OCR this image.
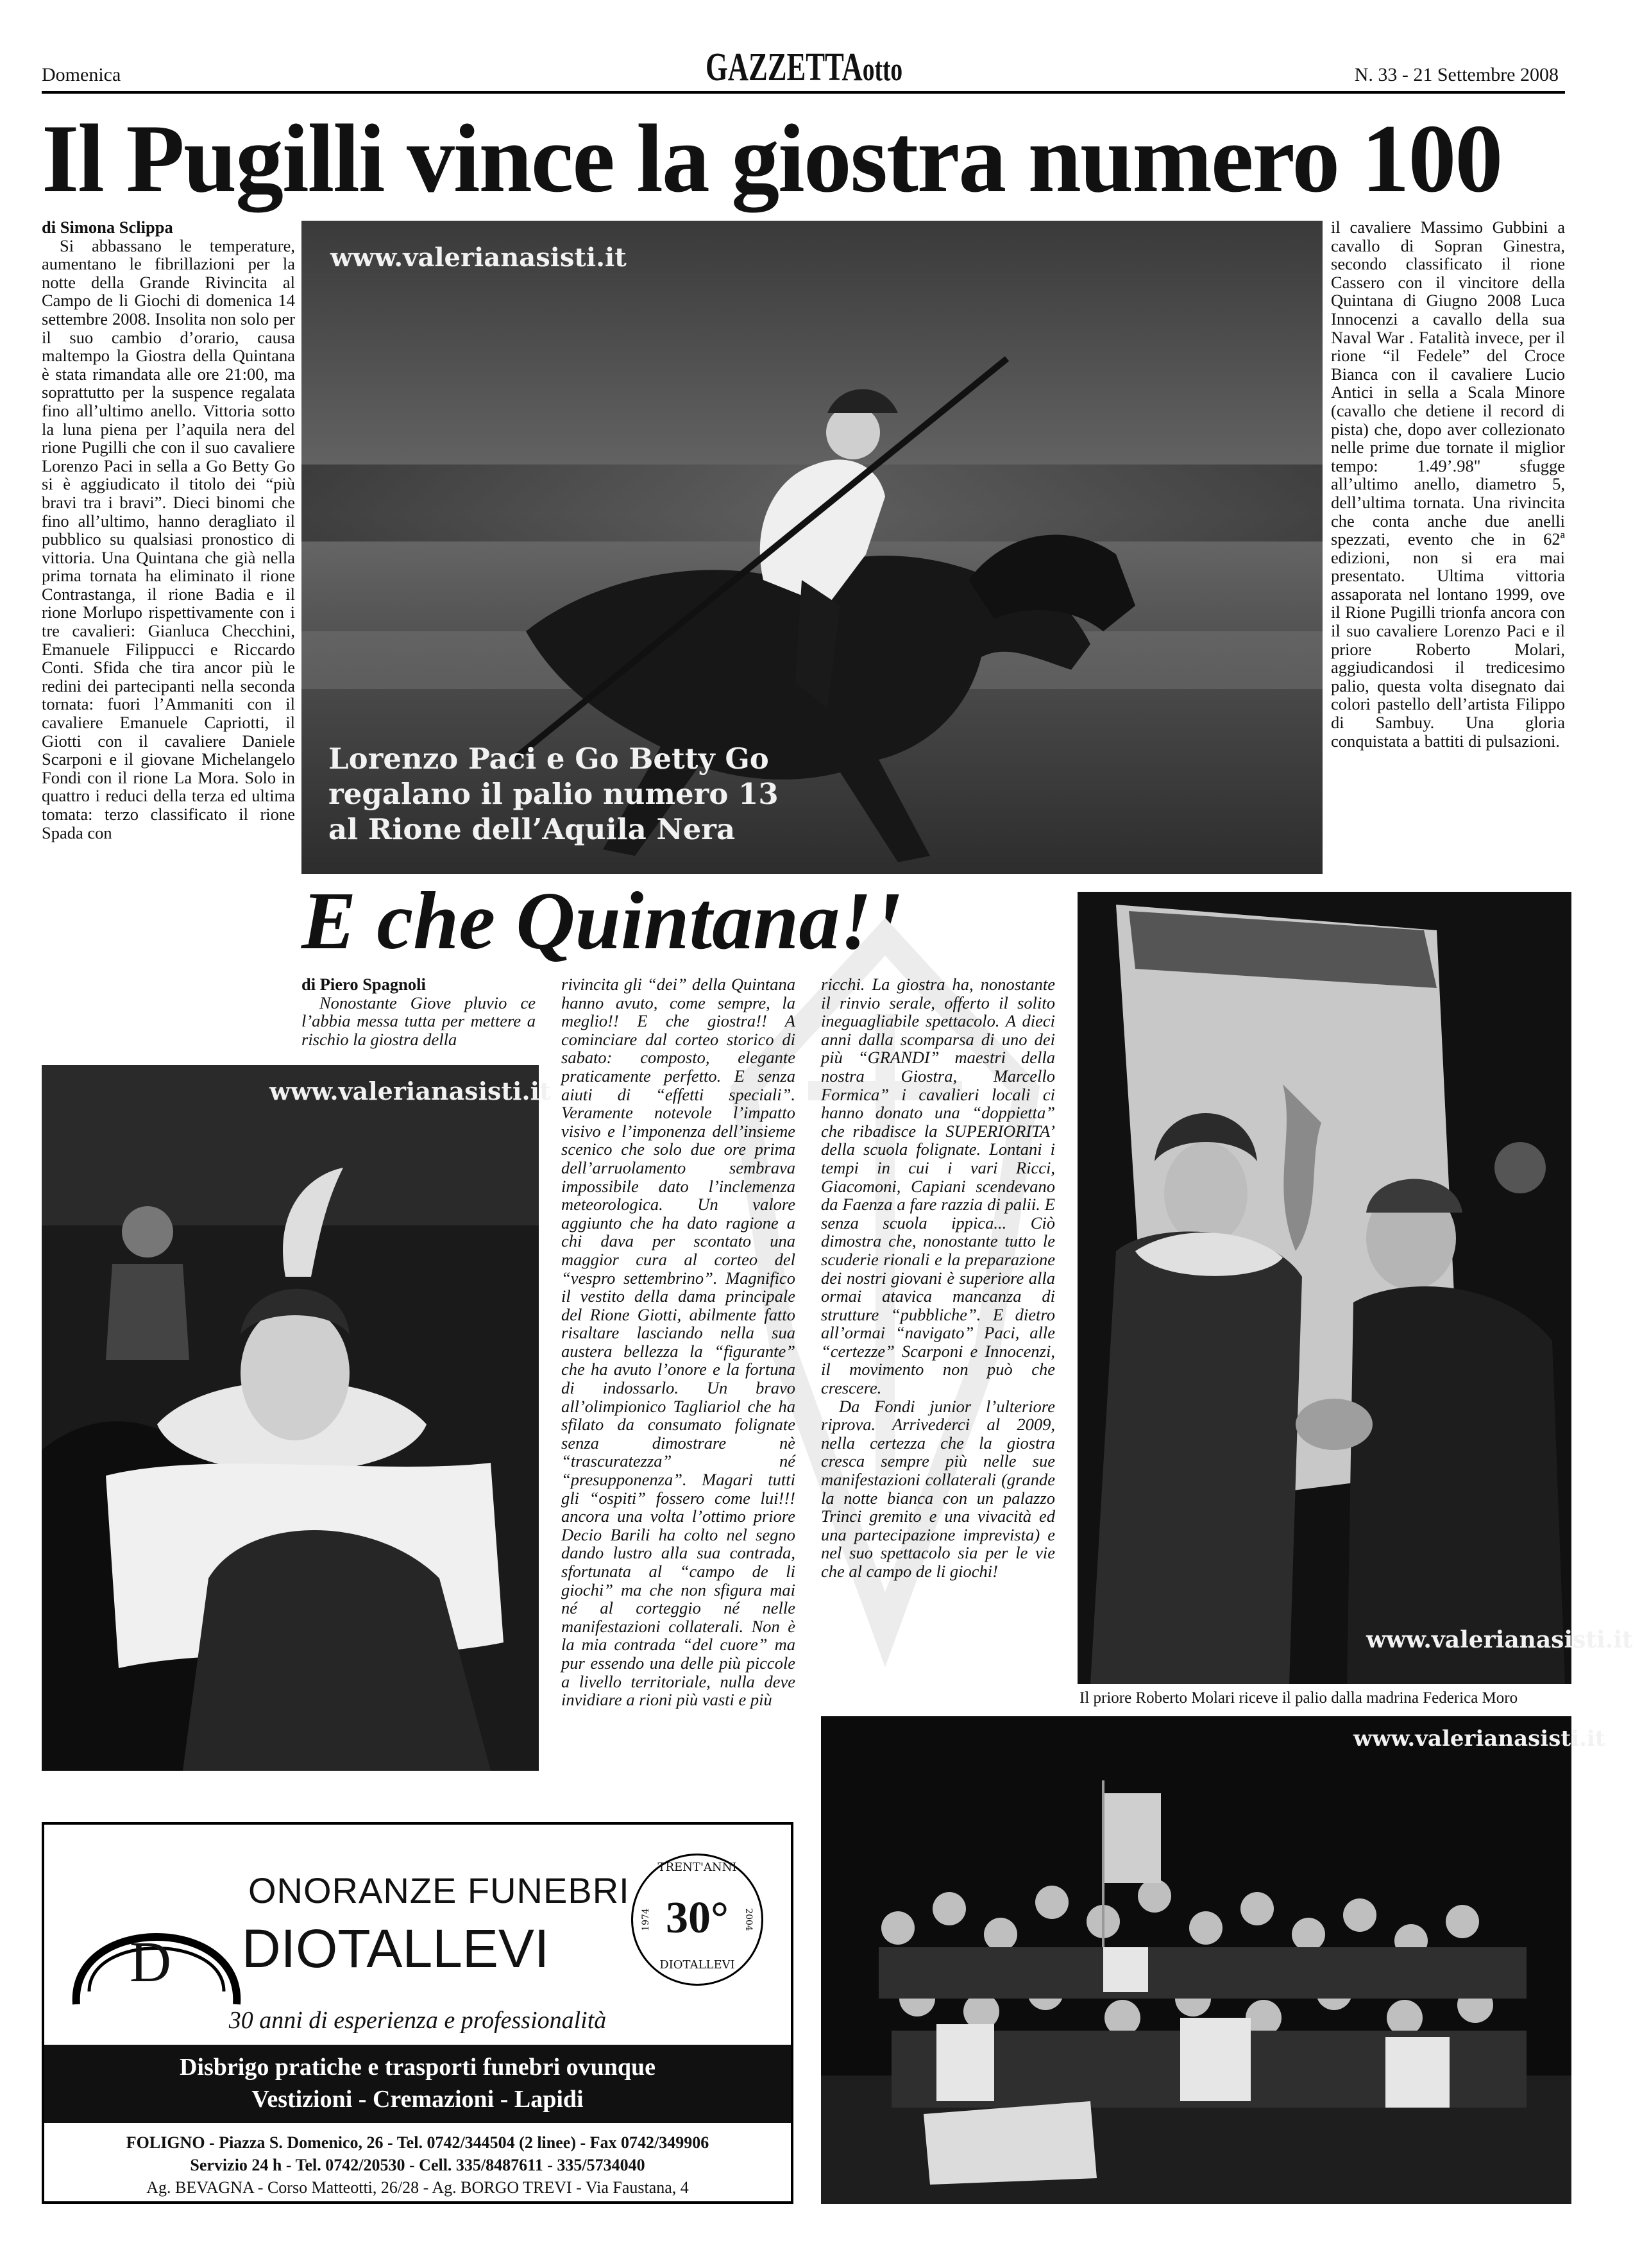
Domenica	GAZZETTAotto	N. 33 - 21 Settembre 2008
Il Pugilli vince la giostra numero 100
di Simona Sclippa

Si abbassano le temperature, aumentano le fibrillazioni per la notte della Grande Rivincita al Campo de li Giochi di domenica 14 settembre 2008. Insolita non solo per il suo cambio d’orario, causa maltempo la Giostra della Quintana è stata rimandata alle ore 21:00, ma soprattutto per la suspence regalata fino all’ultimo anello. Vittoria sotto la luna piena per l’aquila nera del rione Pugilli che con il suo cavaliere Lorenzo Paci in sella a Go Betty Go si è aggiudicato il titolo dei “più bravi tra i bravi”. Dieci binomi che fino all’ultimo, hanno deragliato il pubblico su qualsiasi pronostico di vittoria. Una Quintana che già nella prima tornata ha eliminato il rione Contrastanga, il rione Badia e il rione Morlupo rispettivamente con i tre cavalieri: Gianluca Checchini, Emanuele Filippucci e Riccardo Conti. Sfida che tira ancor più le redini dei partecipanti nella seconda tornata: fuori l’Ammaniti con il cavaliere Emanuele Capriotti, il Giotti con il cavaliere Daniele Scarponi e il giovane Michelangelo Fondi con il rione La Mora. Solo in quattro i reduci della terza ed ultima tomata: terzo classificato il rione Spada con

www.valerianasisti.it
Lorenzo Paci e Go Betty Go
regalano il palio numero 13
al Rione dell’Aquila Nera

il cavaliere Massimo Gubbini a cavallo di Sopran Ginestra, secondo classificato il rione Cassero con il vincitore della Quintana di Giugno 2008 Luca Innocenzi a cavallo della sua Naval War . Fatalità invece, per il rione “il Fedele” del Croce Bianca con il cavaliere Lucio Antici in sella a Scala Minore (cavallo che detiene il record di pista) che, dopo aver collezionato nelle prime due tornate il miglior tempo: 1.49’.98" sfugge all’ultimo anello, diametro 5, dell’ultima tornata. Una rivincita che conta anche due anelli spezzati, evento che in 62ª edizioni, non si era mai presentato. Ultima vittoria assaporata nel lontano 1999, ove il Rione Pugilli trionfa ancora con il suo cavaliere Lorenzo Paci e il priore Roberto Molari, aggiudicandosi il tredicesimo palio, questa volta disegnato dai colori pastello dell’artista Filippo di Sambuy. Una gloria conquistata a battiti di pulsazioni.

E che Quintana!!
di Piero Spagnoli

Nonostante Giove pluvio ce l’abbia messa tutta per mettere a rischio la giostra della

rivincita gli “dei” della Quintana hanno avuto, come sempre, la meglio!! E che giostra!! A cominciare dal corteo storico di sabato: composto, elegante praticamente perfetto. E senza aiuti di “effetti speciali”. Veramente notevole l’impatto visivo e l’imponenza dell’insieme scenico che solo due ore prima dell’arruolamento sembrava impossibile dato l’inclemenza meteorologica. Un valore aggiunto che ha dato ragione a chi dava per scontato una maggior cura al corteo del “vespro settembrino”. Magnifico il vestito della dama principale del Rione Giotti, abilmente fatto risaltare lasciando nella sua austera bellezza la “figurante” che ha avuto l’onore e la fortuna di indossarlo. Un bravo all’olimpionico Tagliariol che ha sfilato da consumato folignate senza dimostrare nè “trascuratezza” né “presupponenza”. Magari tutti gli “ospiti” fossero come lui!!! ancora una volta l’ottimo priore Decio Barili ha colto nel segno dando lustro alla sua contrada, sfortunata al “campo de li giochi” ma che non sfigura mai né al corteggio né nelle manifestazioni collaterali. Non è la mia contrada “del cuore” ma pur essendo una delle più piccole a livello territoriale, nulla deve invidiare a rioni più vasti e più

ricchi. La giostra ha, nonostante il rinvio serale, offerto il solito ineguagliabile spettacolo. A dieci anni dalla scomparsa di uno dei più “GRANDI” maestri della nostra Giostra, Marcello Formica” i cavalieri locali ci hanno donato una “doppietta” che ribadisce la SUPERIORITA’ della scuola folignate. Lontani i tempi in cui i vari Ricci, Giacomoni, Capiani scendevano da Faenza a fare razzia di palii. E senza scuola ippica... Ciò dimostra che, nonostante tutto le scuderie rionali e la preparazione dei nostri giovani è superiore alla ormai atavica mancanza di strutture “pubbliche”. E dietro all’ormai “navigato” Paci, alle “certezze” Scarponi e Innocenzi, il movimento non può che crescere.

Da Fondi junior l’ulteriore riprova. Arrivederci al 2009, nella certezza che la giostra cresca sempre più nelle sue manifestazioni collaterali (grande la notte bianca con un palazzo Trinci gremito e una vivacità ed una partecipazione imprevista) e nel suo spettacolo sia per le vie che al campo de li giochi!

www.valerianasisti.it
www.valerianasisti.it
Il priore Roberto Molari riceve il palio dalla madrina Federica Moro
www.valerianasisti.it
D
ONORANZE FUNEBRI
DIOTALLEVI
TRENT'ANNI
30°
1974	2004
DIOTALLEVI
30 anni di esperienza e professionalità
Disbrigo pratiche e trasporti funebri ovunque
Vestizioni - Cremazioni - Lapidi
FOLIGNO - Piazza S. Domenico, 26 - Tel. 0742/344504 (2 linee) - Fax 0742/349906
Servizio 24 h - Tel. 0742/20530 - Cell. 335/8487611 - 335/5734040
Ag. BEVAGNA - Corso Matteotti, 26/28 - Ag. BORGO TREVI - Via Faustana, 4
